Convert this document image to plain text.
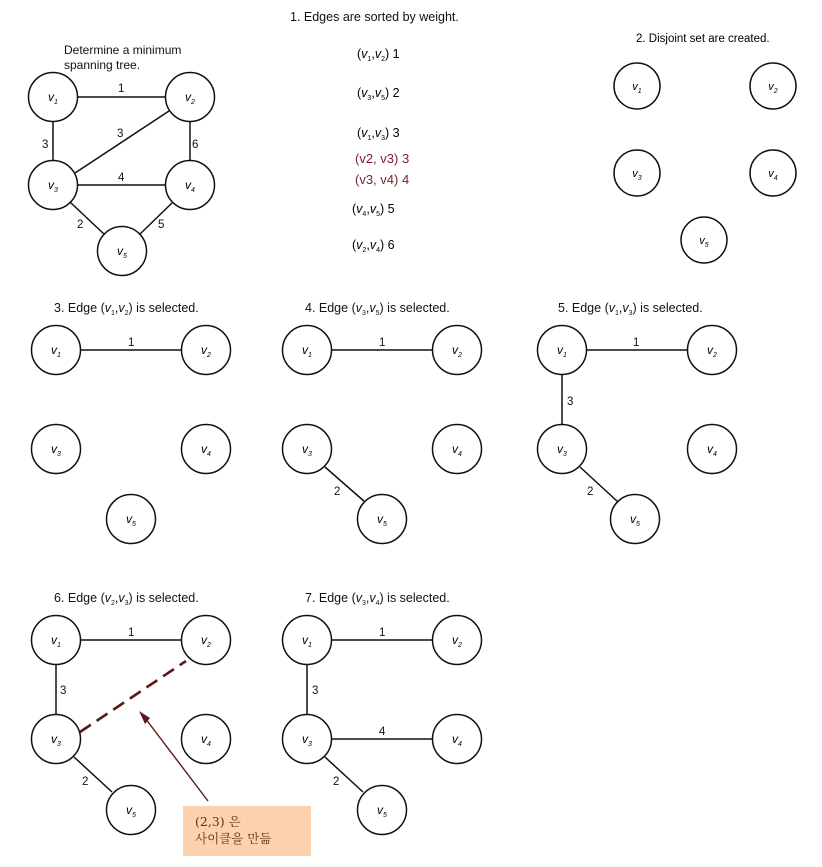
Determine a minimum
spanning tree.
1
3
3
6
4
2	5
$v_1$	$v_2$
$v_3$	$v_4$
$v_5$
1. Edges are sorted by weight.
$(v_1,v_2)$ 1
$(v_3,v_5)$ 2
$(v_1,v_3)$ 3
(v2, v3) 3
(v3, v4) 4
$(v_4,v_5)$ 5
$(v_2,v_4)$ 6
2. Disjoint set are created.
$v_1$	$v_2$
$v_3$	$v_4$
$v_5$
3. Edge $(v_1,v_2)$ is selected.
1
$v_1$	$v_2$
$v_3$	$v_4$
$v_5$
4. Edge $(v_3,v_5)$ is selected.
1
2
$v_1$	$v_2$
$v_3$	$v_4$
$v_5$
5. Edge $(v_1,v_3)$ is selected.
1
3
2
$v_1$	$v_2$
$v_3$	$v_4$
$v_5$
6. Edge $(v_2,v_3)$ is selected.
1
3
2
$v_1$	$v_2$
$v_3$	$v_4$
$v_5$
7. Edge $(v_3,v_4)$ is selected.
1
3
4
2
$v_1$	$v_2$
$v_3$	$v_4$
$v_5$
(2,3) 은
사이클을 만듦
